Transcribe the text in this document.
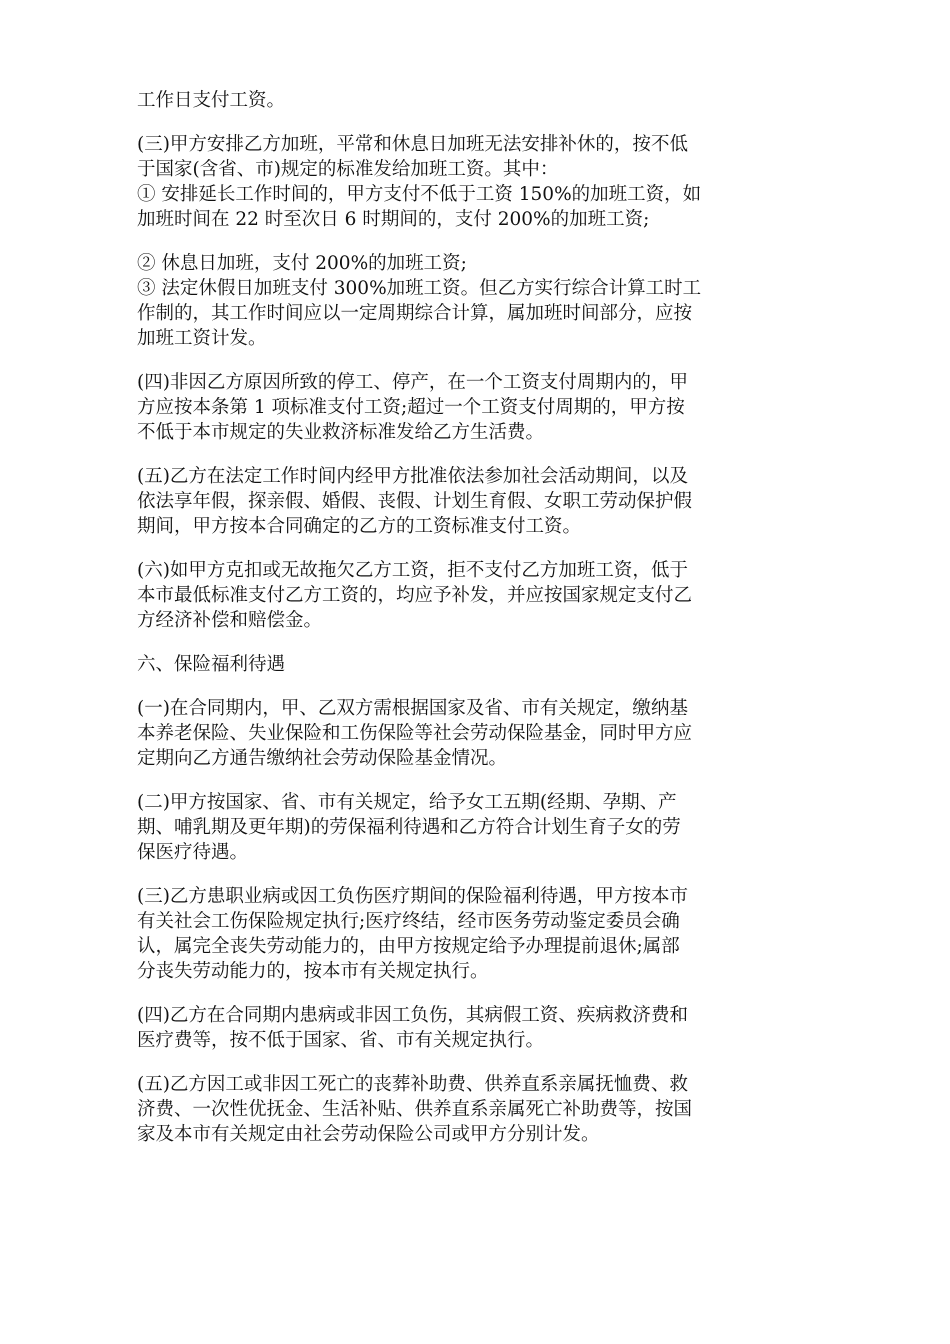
工作日支付工资。
(三)甲方安排乙方加班，平常和休息日加班无法安排补休的，按不低
于国家(含省、市)规定的标准发给加班工资。其中：
① 安排延长工作时间的，甲方支付不低于工资 150%的加班工资，如
加班时间在 22 时至次日 6 时期间的，支付 200%的加班工资;
② 休息日加班，支付 200%的加班工资;
③ 法定休假日加班支付 300%加班工资。但乙方实行综合计算工时工
作制的，其工作时间应以一定周期综合计算，属加班时间部分，应按
加班工资计发。
(四)非因乙方原因所致的停工、停产，在一个工资支付周期内的，甲
方应按本条第 1 项标准支付工资;超过一个工资支付周期的，甲方按
不低于本市规定的失业救济标准发给乙方生活费。
(五)乙方在法定工作时间内经甲方批准依法参加社会活动期间，以及
依法享年假，探亲假、婚假、丧假、计划生育假、女职工劳动保护假
期间，甲方按本合同确定的乙方的工资标准支付工资。
(六)如甲方克扣或无故拖欠乙方工资，拒不支付乙方加班工资，低于
本市最低标准支付乙方工资的，均应予补发，并应按国家规定支付乙
方经济补偿和赔偿金。
六、保险福利待遇
(一)在合同期内，甲、乙双方需根据国家及省、市有关规定，缴纳基
本养老保险、失业保险和工伤保险等社会劳动保险基金，同时甲方应
定期向乙方通告缴纳社会劳动保险基金情况。
(二)甲方按国家、省、市有关规定，给予女工五期(经期、孕期、产
期、哺乳期及更年期)的劳保福利待遇和乙方符合计划生育子女的劳
保医疗待遇。
(三)乙方患职业病或因工负伤医疗期间的保险福利待遇，甲方按本市
有关社会工伤保险规定执行;医疗终结，经市医务劳动鉴定委员会确
认，属完全丧失劳动能力的，由甲方按规定给予办理提前退休;属部
分丧失劳动能力的，按本市有关规定执行。
(四)乙方在合同期内患病或非因工负伤，其病假工资、疾病救济费和
医疗费等，按不低于国家、省、市有关规定执行。
(五)乙方因工或非因工死亡的丧葬补助费、供养直系亲属抚恤费、救
济费、一次性优抚金、生活补贴、供养直系亲属死亡补助费等，按国
家及本市有关规定由社会劳动保险公司或甲方分别计发。
